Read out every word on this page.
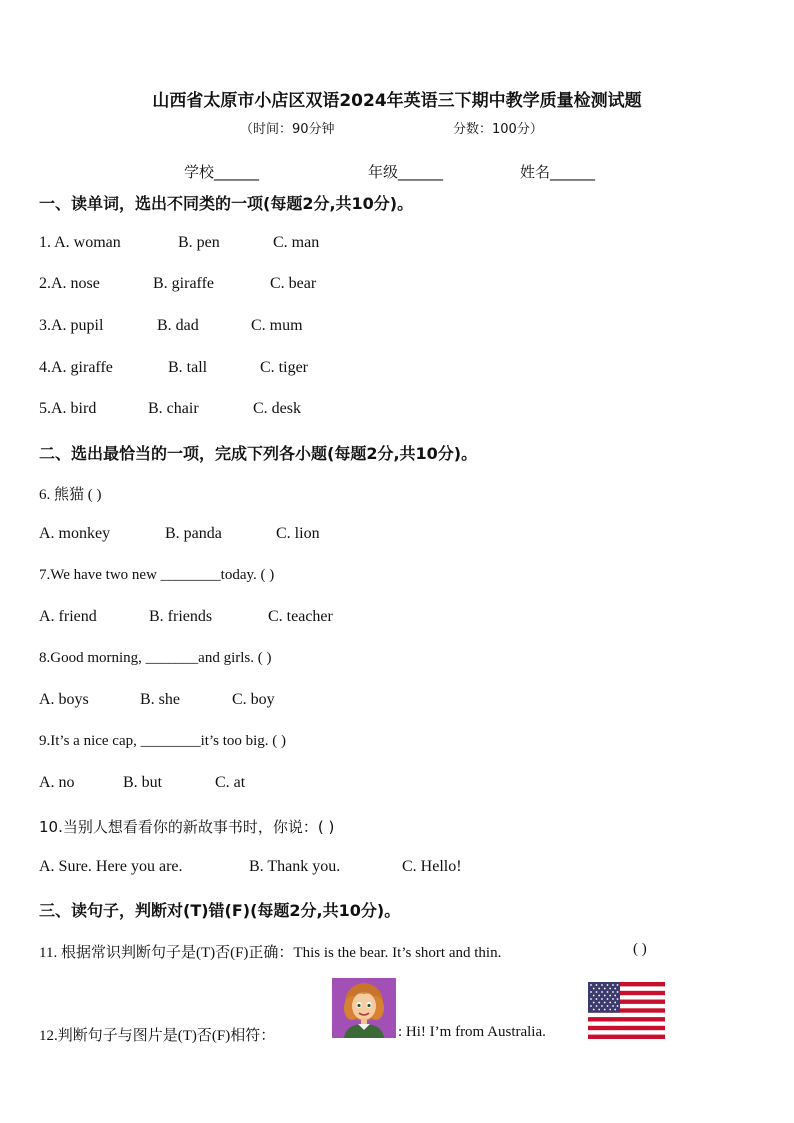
山西省太原市小店区双语2024年英语三下期中教学质量检测试题
（时间：90分钟	分数：100分）
学校______	年级______	姓名______
一、读单词，选出不同类的一项(每题2分,共10分)。
1. A. woman	B. pen	C. man
2.A. nose	B. giraffe	C. bear
3.A. pupil	B. dad	C. mum
4.A. giraffe	B. tall	C. tiger
5.A. bird	B. chair	C. desk
二、选出最恰当的一项，完成下列各小题(每题2分,共10分)。
6. 熊猫 ( )
A. monkey	B. panda	C. lion
7.We have two new ________today. ( )
A. friend	B. friends	C. teacher
8.Good morning, _______and girls. ( )
A. boys	B. she	C. boy
9.It’s a nice cap, ________it’s too big. ( )
A. no	B. but	C. at
10.当别人想看看你的新故事书时，你说：( )
A. Sure. Here you are.	B. Thank you.	C. Hello!
三、读句子，判断对(T)错(F)(每题2分,共10分)。
11. 根据常识判断句子是(T)否(F)正确：This is the bear. It’s short and thin.	( )
12.判断句子与图片是(T)否(F)相符：	: Hi! I’m from Australia.
